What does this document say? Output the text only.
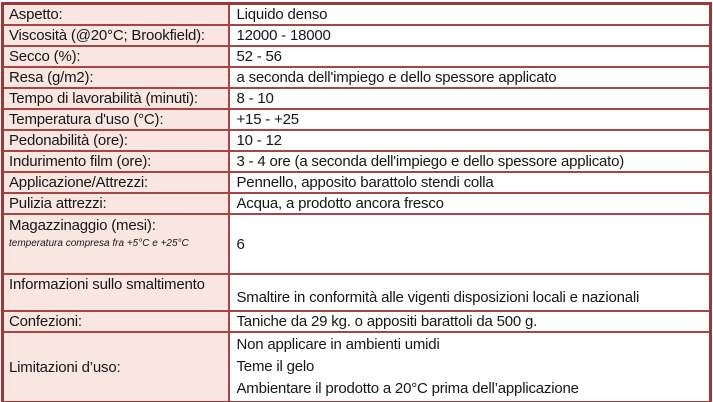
Aspetto:	Liquido denso

Viscosità (@20°C; Brookfield):	12000 - 18000

Secco (%):	52 - 56

Resa (g/m2):	a seconda dell'impiego e dello spessore applicato

Tempo di lavorabilità (minuti):	8 - 10

Temperatura d'uso (°C):	+15 - +25

Pedonabilità (ore):	10 - 12

Indurimento film (ore):	3 - 4 ore (a seconda dell'impiego e dello spessore applicato)

Applicazione/Attrezzi:	Pennello, apposito barattolo stendi colla

Pulizia attrezzi:	Acqua, a prodotto ancora fresco

Magazzinaggio (mesi):
temperatura compresa fra +5°C e +25°C	6

Informazioni sullo smaltimento	Smaltire in conformità alle vigenti disposizioni locali e nazionali

Confezioni:	Taniche da 29 kg. o appositi barattoli da 500 g.

Limitazioni d’uso:	Non applicare in ambienti umidi
Teme il gelo
Ambientare il prodotto a 20°C prima dell’applicazione
